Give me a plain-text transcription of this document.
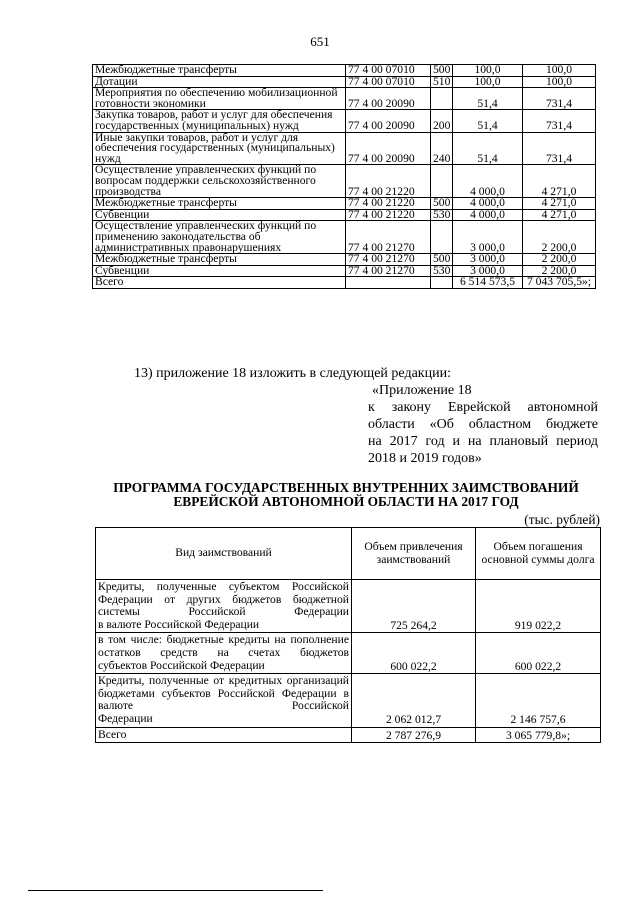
651
Межбюджетные трансферты	77 4 00 07010	500	100,0	100,0
Дотации	77 4 00 07010	510	100,0	100,0
Мероприятия по обеспечению мобилизационной готовности экономики	77 4 00 20090		51,4	731,4
Закупка товаров, работ и услуг для обеспечения государственных (муниципальных) нужд	77 4 00 20090	200	51,4	731,4
Иные закупки товаров, работ и услуг для обеспечения государственных (муниципальных) нужд	77 4 00 20090	240	51,4	731,4
Осуществление управленческих функций по вопросам поддержки сельскохозяйственного производства	77 4 00 21220		4 000,0	4 271,0
Межбюджетные трансферты	77 4 00 21220	500	4 000,0	4 271,0
Субвенции	77 4 00 21220	530	4 000,0	4 271,0
Осуществление управленческих функций по применению законодательства об административных правонарушениях	77 4 00 21270		3 000,0	2 200,0
Межбюджетные трансферты	77 4 00 21270	500	3 000,0	2 200,0
Субвенции	77 4 00 21270	530	3 000,0	2 200,0
Всего			6 514 573,5	7 043 705,5»;
13) приложение 18 изложить в следующей редакции:
«Приложение 18
к закону Еврейской автономной
области «Об областном бюджете
на 2017 год и на плановый период
2018 и 2019 годов»
ПРОГРАММА ГОСУДАРСТВЕННЫХ ВНУТРЕННИХ ЗАИМСТВОВАНИЙ
ЕВРЕЙСКОЙ АВТОНОМНОЙ ОБЛАСТИ НА 2017 ГОД
(тыс. рублей)
Вид заимствований	Объем привлечения заимствований	Объем погашения основной суммы долга
Кредиты, полученные субъектом Российской Федерации от других бюджетов бюджетной системы Российской Федерации
в валюте Российской Федерации	725 264,2	919 022,2
в том числе: бюджетные кредиты на пополнение остатков средств на счетах бюджетов
субъектов Российской Федерации	600 022,2	600 022,2
Кредиты, полученные от кредитных организаций бюджетами субъектов Российской Федерации в валюте Российской
Федерации	2 062 012,7	2 146 757,6

Всего	2 787 276,9	3 065 779,8»;
